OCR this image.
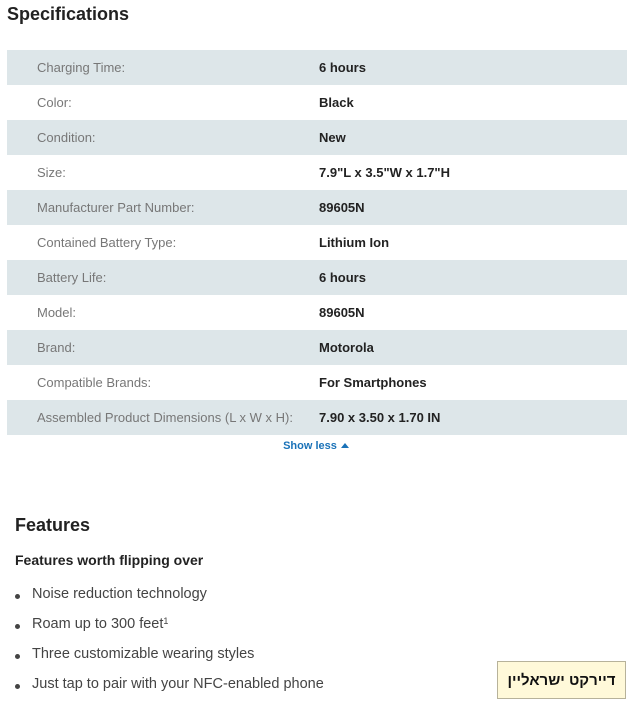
Specifications
Charging Time:	6 hours
Color:	Black
Condition:	New
Size:	7.9"L x 3.5"W x 1.7"H
Manufacturer Part Number:	89605N
Contained Battery Type:	Lithium Ion
Battery Life:	6 hours
Model:	89605N
Brand:	Motorola
Compatible Brands:	For Smartphones
Assembled Product Dimensions (L x W x H):	7.90 x 3.50 x 1.70 IN
Show less
Features
Features worth flipping over
Noise reduction technology
Roam up to 300 feet$^1$
Three customizable wearing styles
Just tap to pair with your NFC-enabled phone	דיירקט ישראליין
